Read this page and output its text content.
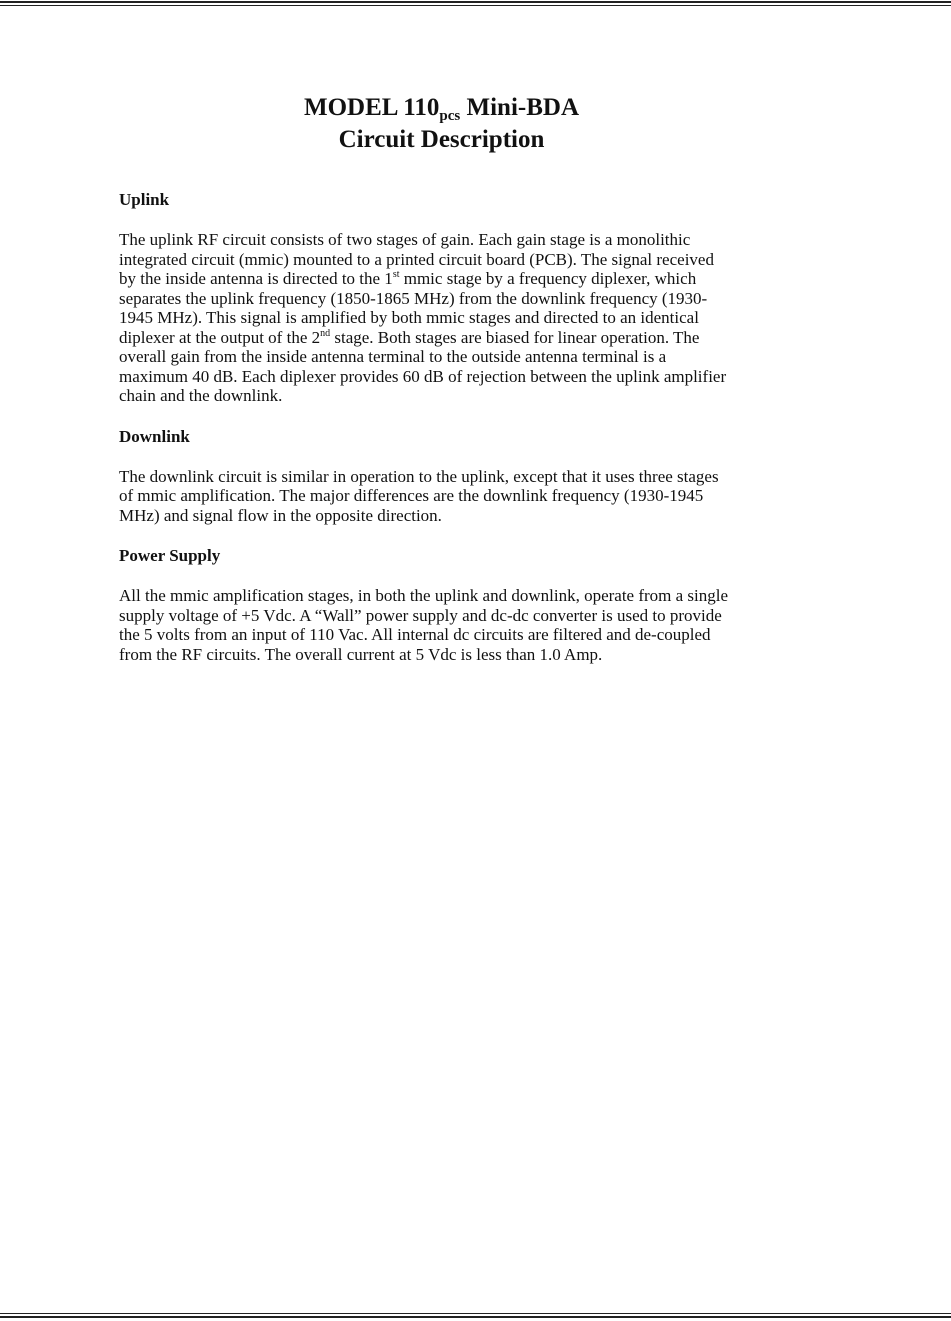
MODEL $110_{pcs}$ Mini-BDA
Circuit Description

Uplink

The uplink RF circuit consists of two stages of gain. Each gain stage is a monolithic
integrated circuit (mmic) mounted to a printed circuit board (PCB). The signal received
by the inside antenna is directed to the 1st mmic stage by a frequency diplexer, which
separates the uplink frequency (1850-1865 MHz) from the downlink frequency (1930-
1945 MHz). This signal is amplified by both mmic stages and directed to an identical
diplexer at the output of the 2nd stage. Both stages are biased for linear operation. The
overall gain from the inside antenna terminal to the outside antenna terminal is a
maximum 40 dB. Each diplexer provides 60 dB of rejection between the uplink amplifier
chain and the downlink.

Downlink

The downlink circuit is similar in operation to the uplink, except that it uses three stages
of mmic amplification. The major differences are the downlink frequency (1930-1945
MHz) and signal flow in the opposite direction.

Power Supply

All the mmic amplification stages, in both the uplink and downlink, operate from a single
supply voltage of +5 Vdc. A “Wall” power supply and dc-dc converter is used to provide
the 5 volts from an input of 110 Vac. All internal dc circuits are filtered and de-coupled
from the RF circuits. The overall current at 5 Vdc is less than 1.0 Amp.
